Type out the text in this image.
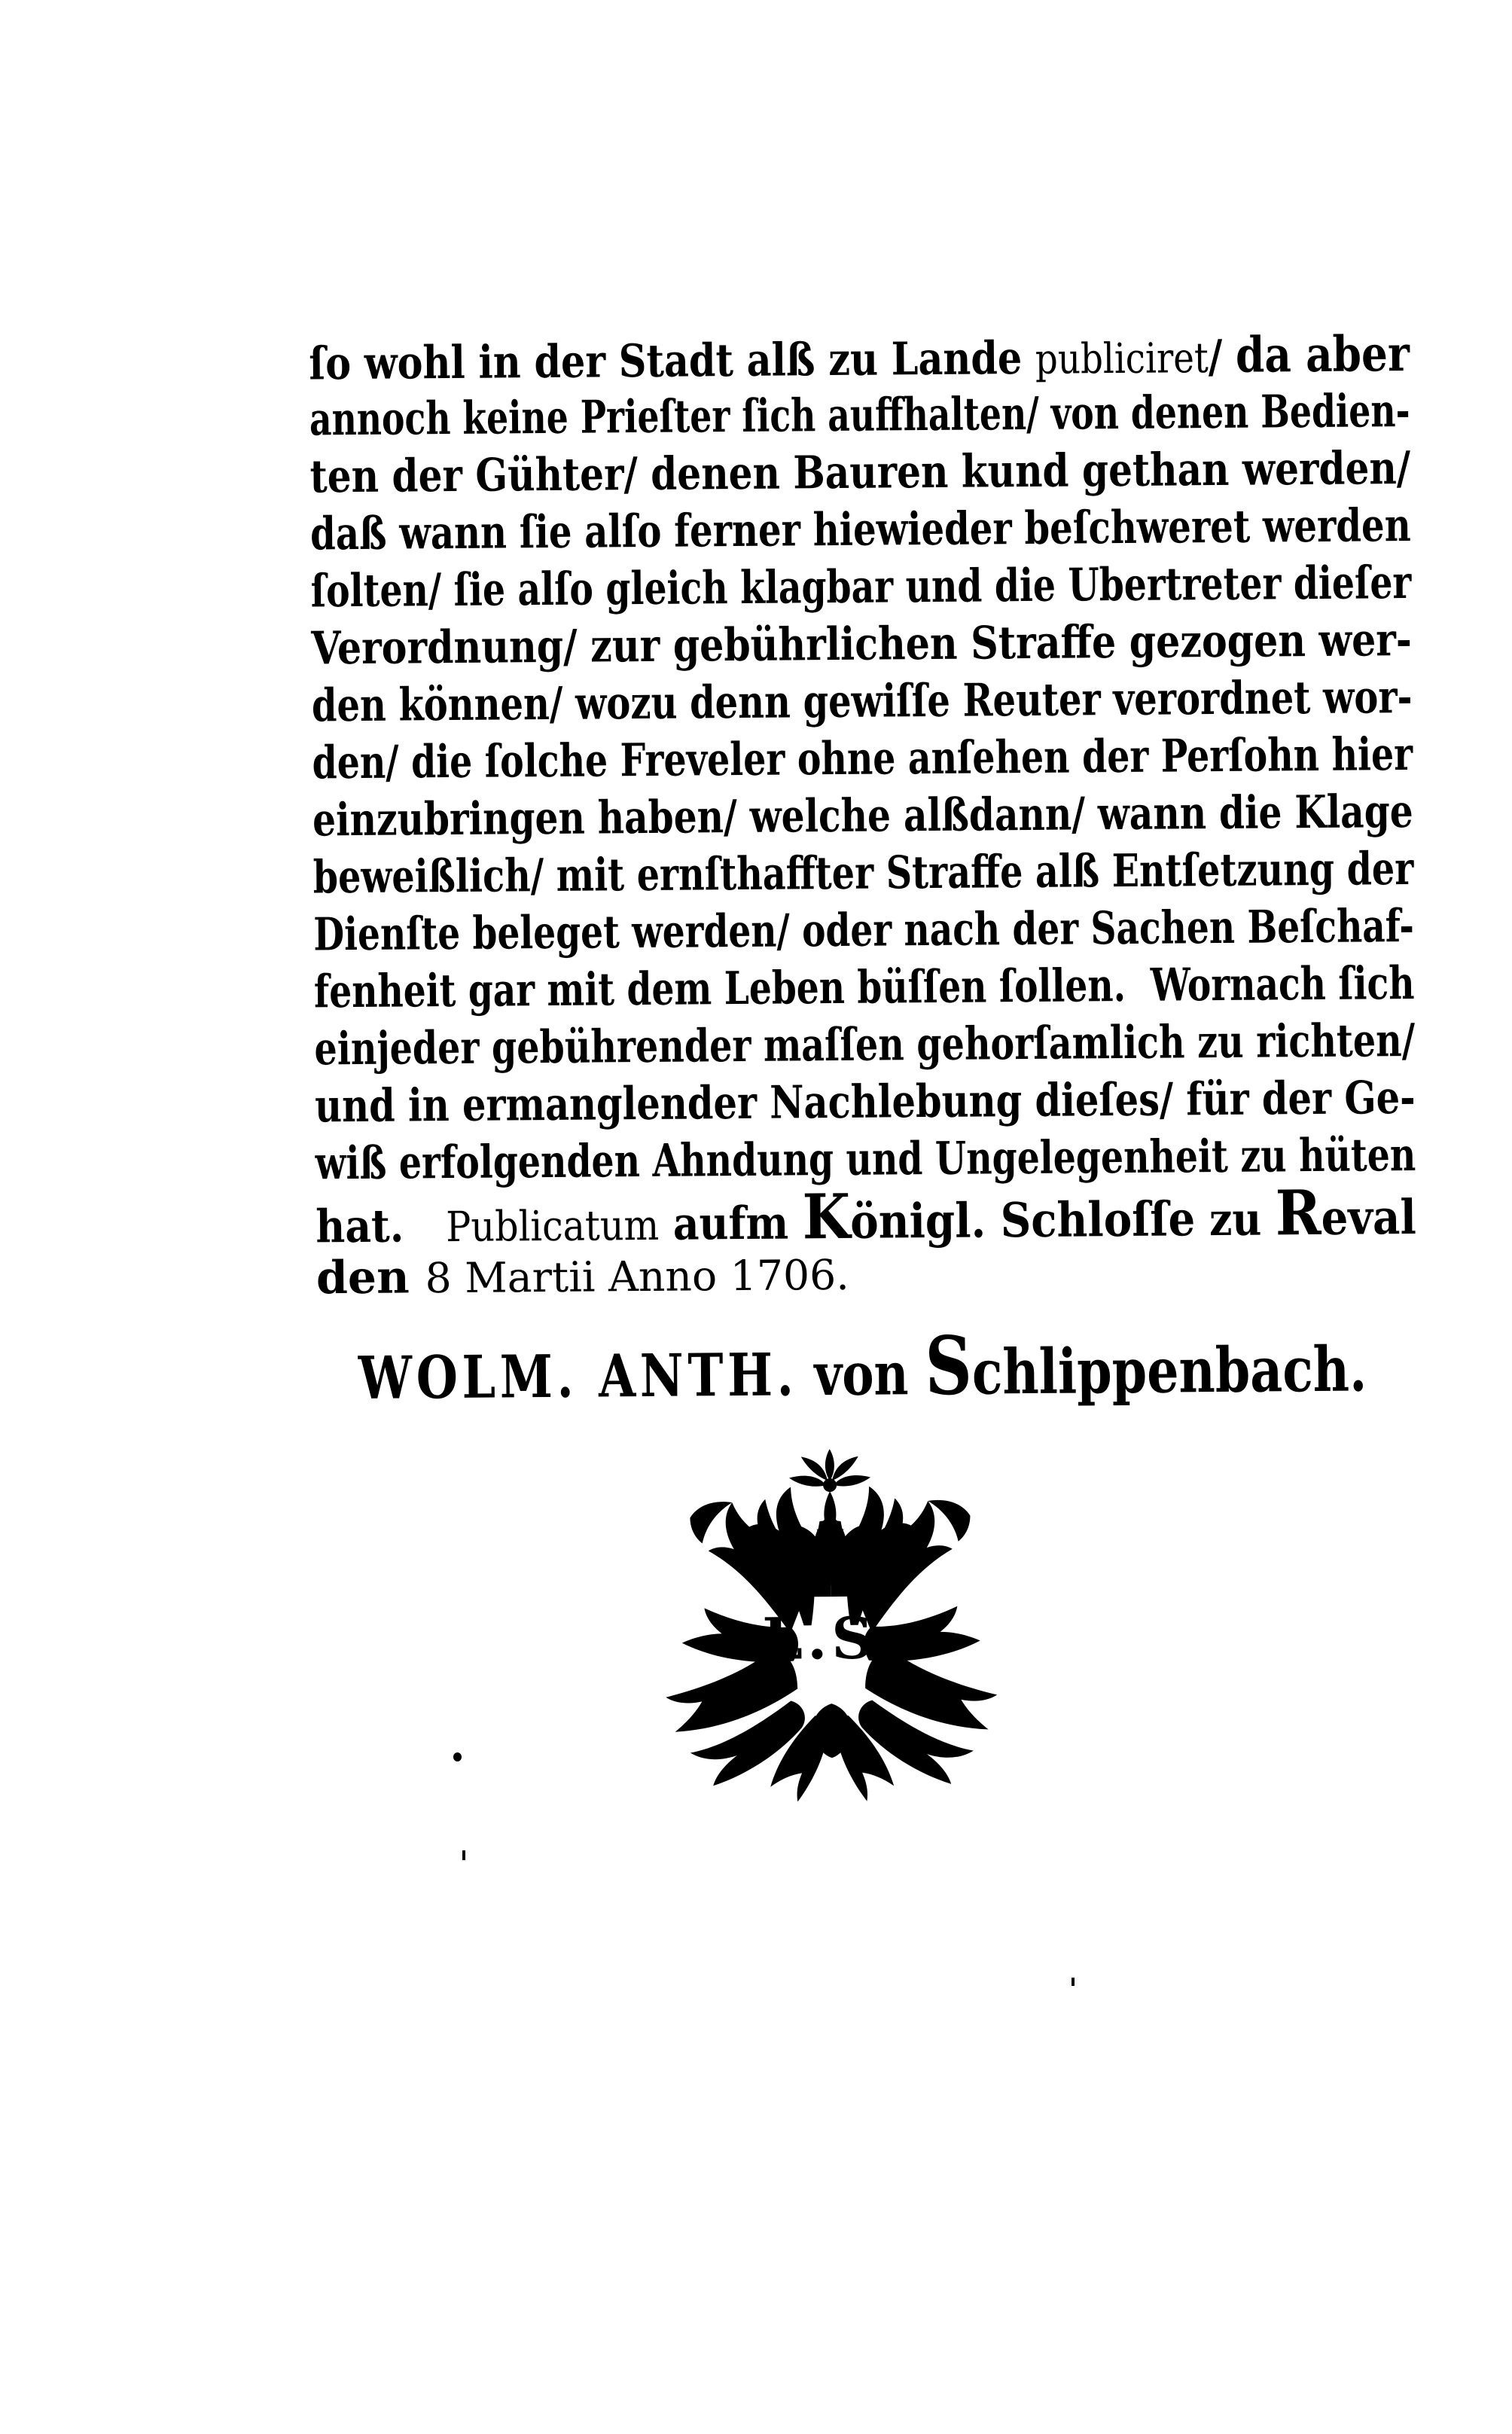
ſo wohl in der Stadt alß zu Lande publiciret/ da aber
annoch keine Prieſter ſich auffhalten/ von denen Bedien-
ten der Gühter/ denen Bauren kund gethan werden/
daß wann ſie alſo ferner hiewieder beſchweret werden
ſolten/ ſie alſo gleich klagbar und die Ubertreter dieſer
Verordnung/ zur gebührlichen Straffe gezogen wer-
den können/ wozu denn gewiſſe Reuter verordnet wor-
den/ die ſolche Freveler ohne anſehen der Perſohn hier
einzubringen haben/ welche alßdann/ wann die Klage
beweißlich/ mit ernſthaffter Straffe alß Entſetzung der
Dienſte beleget werden/ oder nach der Sachen Beſchaf-
fenheit gar mit dem Leben büſſen ſollen.  Wornach ſich
einjeder gebührender maſſen gehorſamlich zu richten/
und in ermanglender Nachlebung dieſes/ für der Ge-
wiß erfolgenden Ahndung und Ungelegenheit zu hüten
hat.   Publicatum aufm Königl. Schloſſe zu Reval
den 8 Martii Anno 1706.
WOLM. ANTH. von Schlippenbach.
L.S.
